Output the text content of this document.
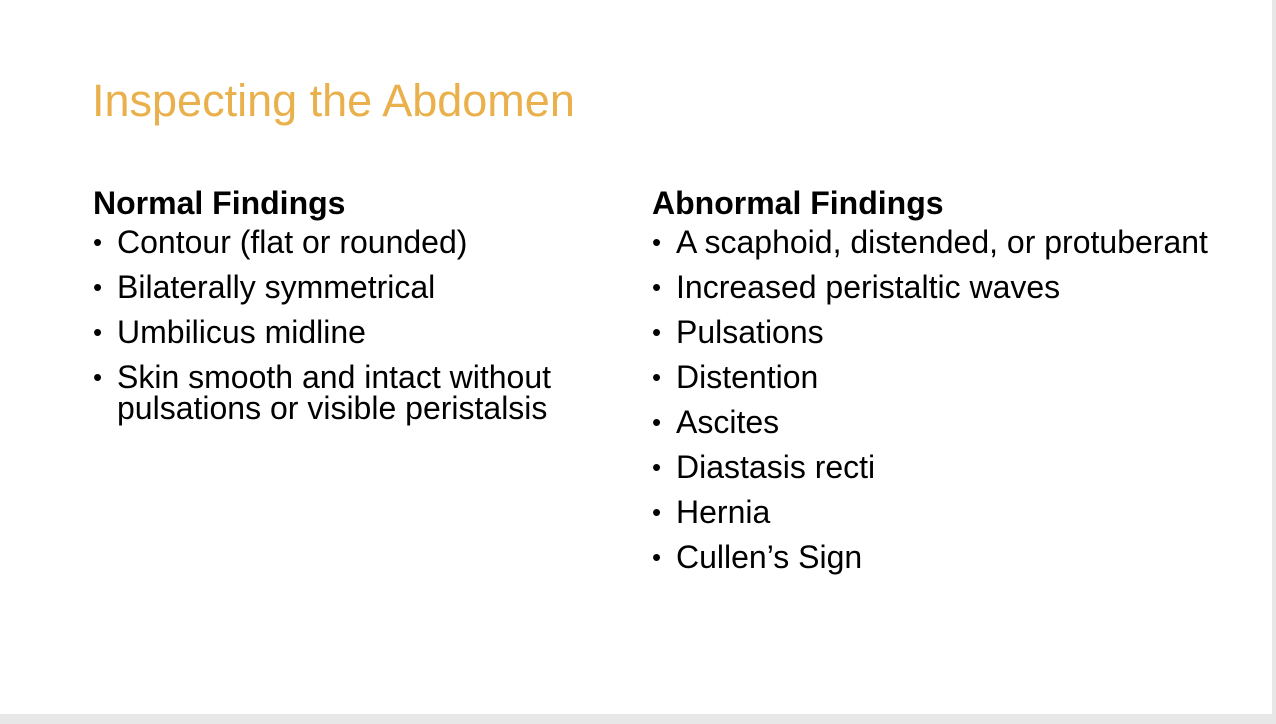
Inspecting the Abdomen
Normal Findings
• Contour (flat or rounded)
• Bilaterally symmetrical
• Umbilicus midline
• Skin smooth and intact without pulsations or visible peristalsis
Abnormal Findings
• A scaphoid, distended, or protuberant
• Increased peristaltic waves
• Pulsations
• Distention
• Ascites
• Diastasis recti
• Hernia
• Cullen’s Sign
